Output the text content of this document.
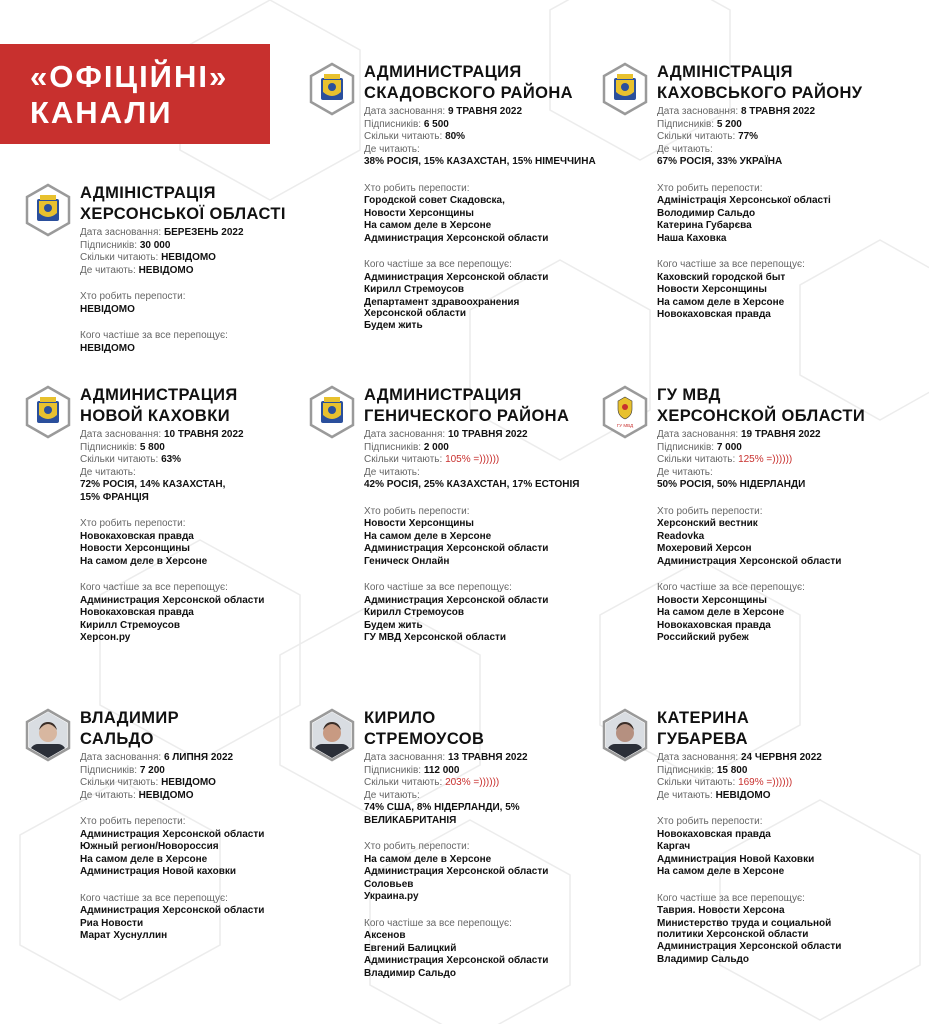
«ОФІЦІЙНІ»
КАНАЛИ
АДМИНИСТРАЦИЯ
СКАДОВСКОГО РАЙОНА
Дата засновання: 9 ТРАВНЯ 2022
Підписників: 6 500
Скільки читають: 80%
Де читають:
38% РОСІЯ, 15% КАЗАХСТАН, 15% НІМЕЧЧИНА
Хто робить перепости:
Городской совет Скадовска,
Новости Херсонщины
На самом деле в Херсоне
Администрация Херсонской области
Кого частіше за все перепощує:
Администрация Херсонской области
Кирилл Стремоусов
Департамент здравоохранения Херсонской области
Будем жить
АДМІНІСТРАЦІЯ
КАХОВСЬКОГО РАЙОНУ
Дата засновання: 8 ТРАВНЯ 2022
Підписників: 5 200
Скільки читають: 77%
Де читають:
67% РОСІЯ, 33% УКРАЇНА
Хто робить перепости:
Адміністрація Херсонської області
Володимир Сальдо
Катерина Губарєва
Наша Каховка
Кого частіше за все перепощує:
Каховский городской быт
Новости Херсонщины
На самом деле в Херсоне
Новокаховская правда
АДМІНІСТРАЦІЯ
ХЕРСОНСЬКОЇ ОБЛАСТІ
Дата засновання: БЕРЕЗЕНЬ 2022
Підписників: 30 000
Скільки читають: НЕВІДОМО
Де читають: НЕВІДОМО
Хто робить перепости:
НЕВІДОМО
Кого частіше за все перепощує:
НЕВІДОМО
АДМИНИСТРАЦИЯ
НОВОЙ КАХОВКИ
Дата засновання: 10 ТРАВНЯ 2022
Підписників: 5 800
Скільки читають: 63%
Де читають:
72% РОСІЯ, 14% КАЗАХСТАН, 15% ФРАНЦІЯ
Хто робить перепости:
Новокаховская правда
Новости Херсонщины
На самом деле в Херсоне
Кого частіше за все перепощує:
Администрация Херсонской области
Новокаховская правда
Кирилл Стремоусов
Херсон.ру
АДМИНИСТРАЦИЯ
ГЕНИЧЕСКОГО РАЙОНА
Дата засновання: 10 ТРАВНЯ 2022
Підписників: 2 000
Скільки читають: 105% =))))))
Де читають:
42% РОСІЯ, 25% КАЗАХСТАН, 17% ЕСТОНІЯ
Хто робить перепости:
Новости Херсонщины
На самом деле в Херсоне
Администрация Херсонской области
Геническ Онлайн
Кого частіше за все перепощує:
Администрация Херсонской области
Кирилл Стремоусов
Будем жить
ГУ МВД Херсонской области
ГУ МВД
ГУ МВД
ХЕРСОНСКОЙ ОБЛАСТИ
Дата засновання: 19 ТРАВНЯ 2022
Підписників: 7 000
Скільки читають: 125% =))))))
Де читають:
50% РОСІЯ, 50% НІДЕРЛАНДИ
Хто робить перепости:
Херсонский вестник
Readovka
Мохеровий Херсон
Администрация Херсонской области
Кого частіше за все перепощує:
Новости Херсонщины
На самом деле в Херсоне
Новокаховская правда
Российский рубеж
ВЛАДИМИР
САЛЬДО
Дата засновання: 6 ЛИПНЯ 2022
Підписників: 7 200
Скільки читають: НЕВІДОМО
Де читають: НЕВІДОМО
Хто робить перепости:
Администрация Херсонской области
Южный регион/Новороссия
На самом деле в Херсоне
Администрация Новой каховки
Кого частіше за все перепощує:
Администрация Херсонской области
Риа Новости
Марат Хуснуллин
КИРИЛО
СТРЕМОУСОВ
Дата засновання: 13 ТРАВНЯ 2022
Підписників: 112 000
Скільки читають: 203% =))))))
Де читають:
74% США, 8% НІДЕРЛАНДИ, 5% ВЕЛИКАБРИТАНІЯ
Хто робить перепости:
На самом деле в Херсоне
Администрация Херсонской области
Соловьев
Украина.ру
Кого частіше за все перепощує:
Аксенов
Евгений Балицкий
Администрация Херсонской области
Владимир Сальдо
КАТЕРИНА
ГУБАРЕВА
Дата засновання: 24 ЧЕРВНЯ 2022
Підписників: 15 800
Скільки читають: 169% =))))))
Де читають: НЕВІДОМО
Хто робить перепости:
Новокаховская правда
Каргач
Администрация Новой Каховки
На самом деле в Херсоне
Кого частіше за все перепощує:
Таврия. Новости Херсона
Министерство труда и социальной политики Херсонской области
Администрация Херсонской области
Владимир Сальдо
